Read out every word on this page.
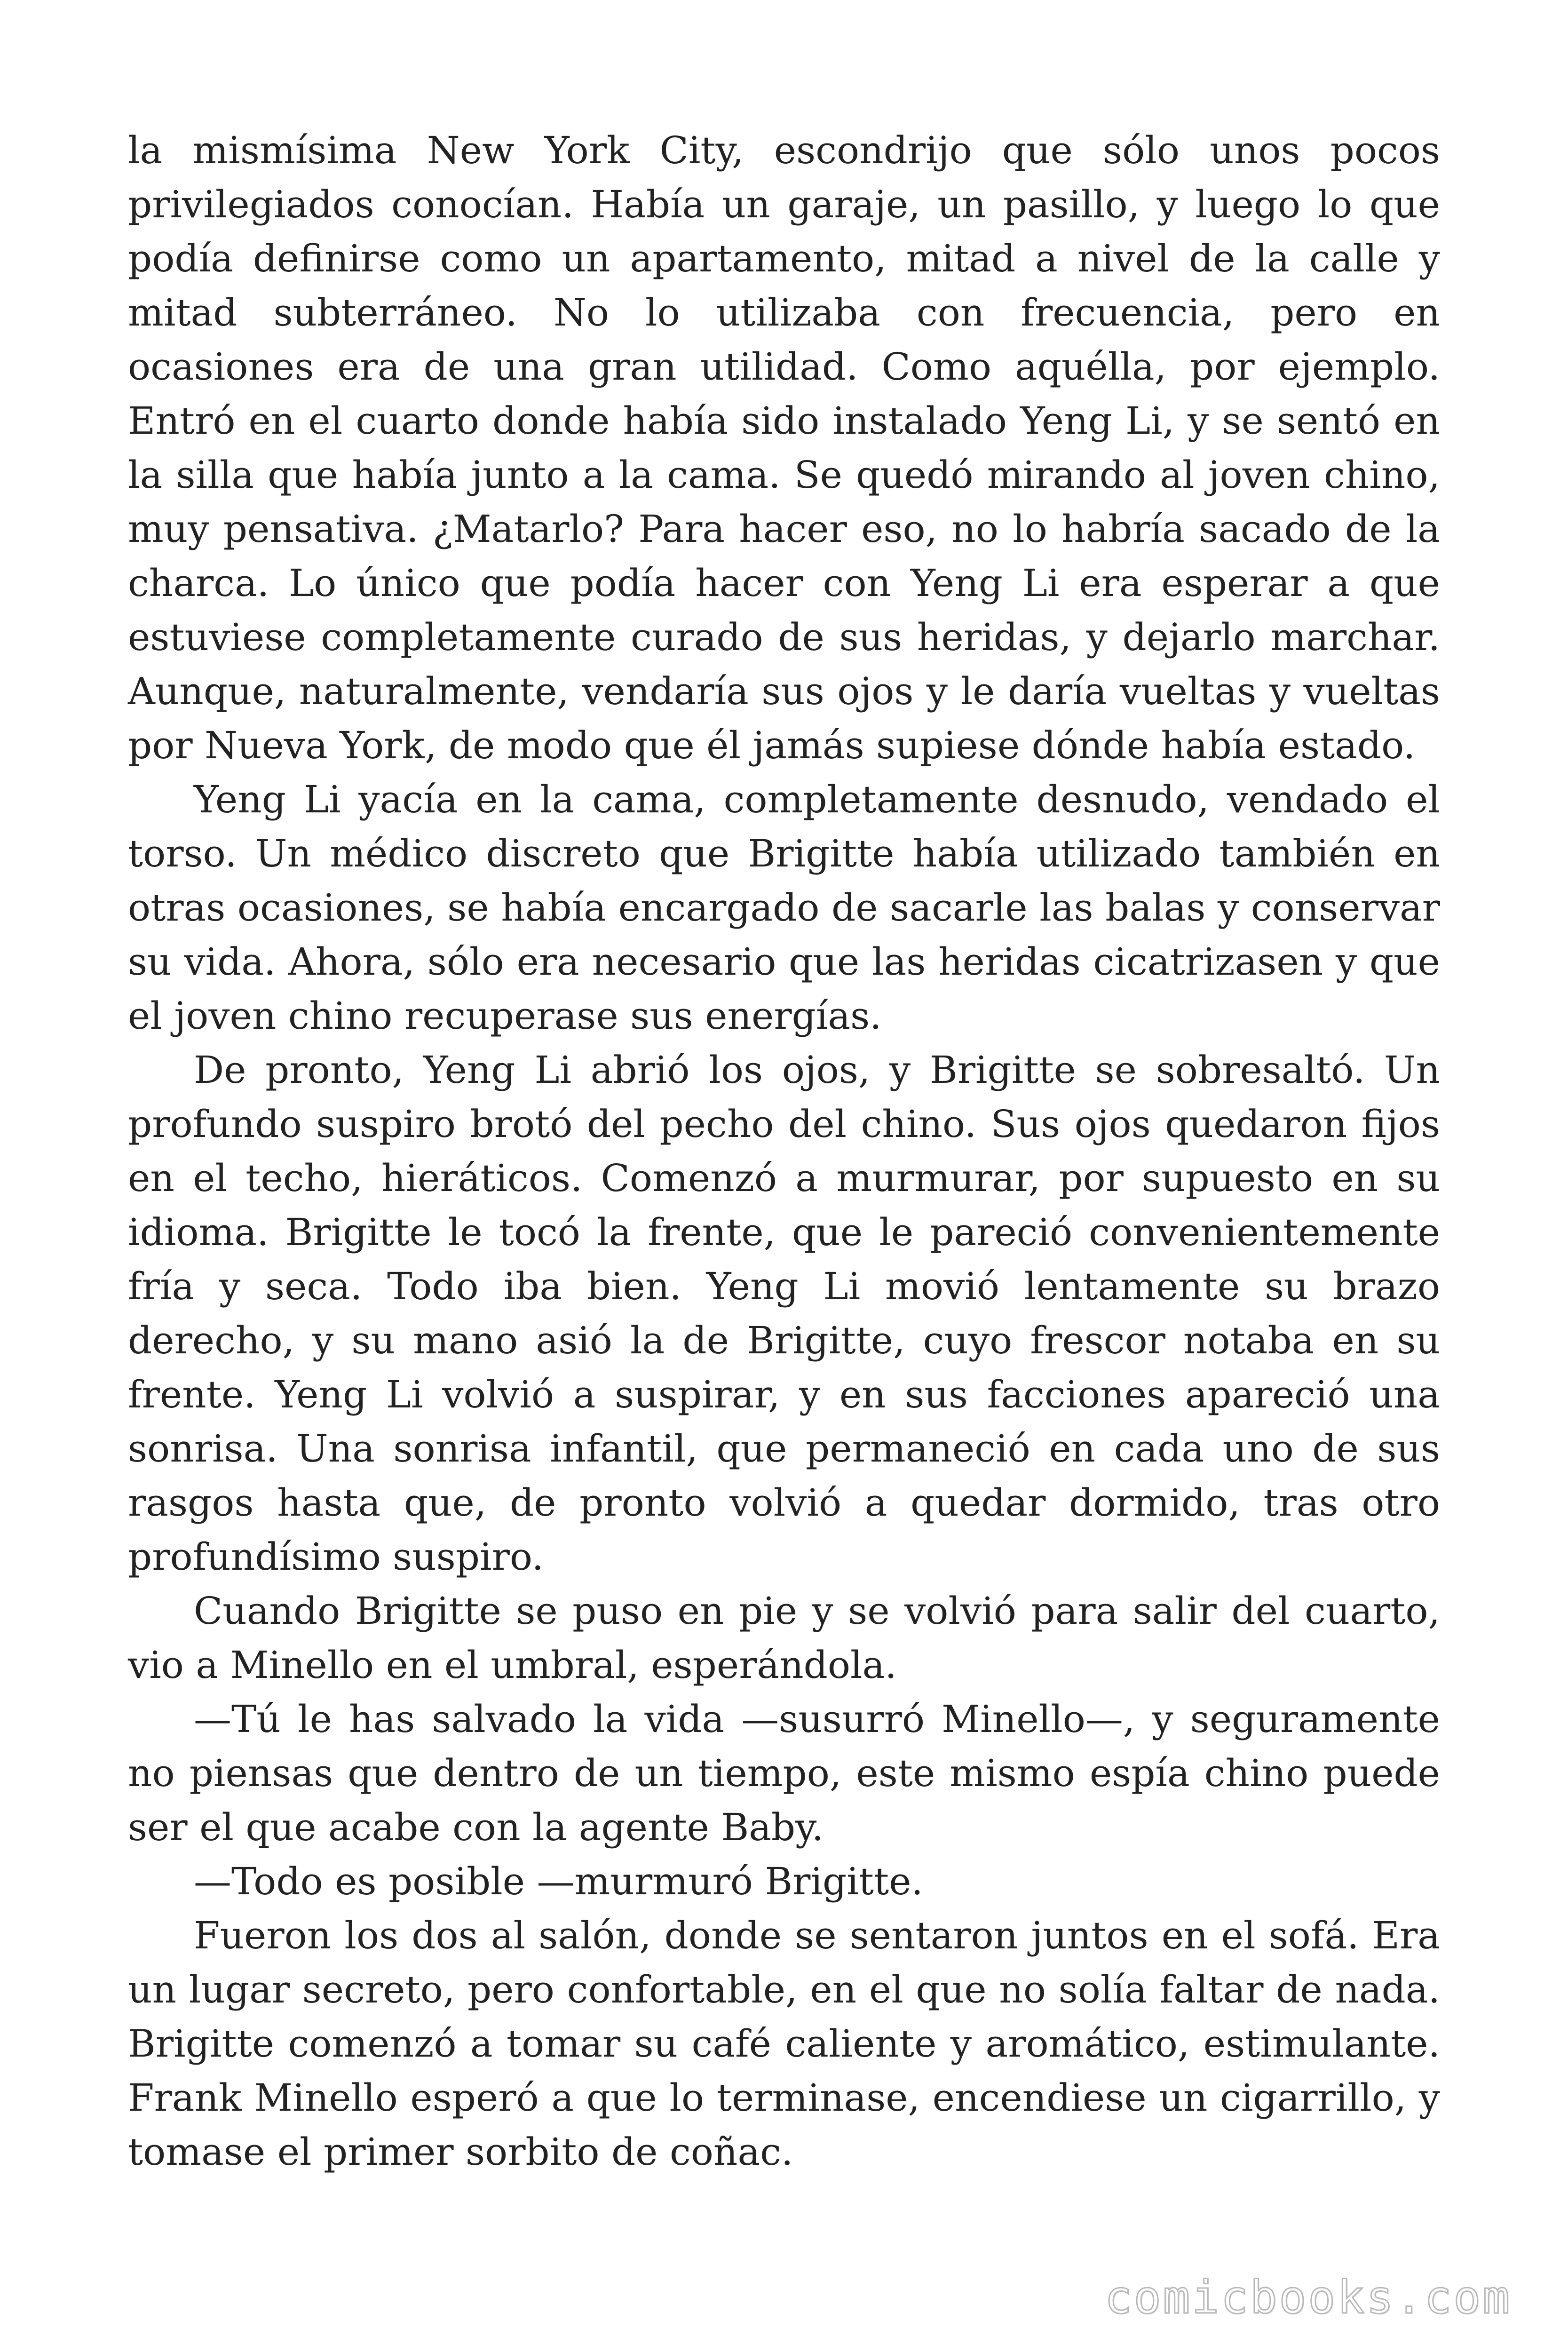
la mismísima New York City, escondrijo que sólo unos pocos privilegiados conocían. Había un garaje, un pasillo, y luego lo que podía definirse como un apartamento, mitad a nivel de la calle y mitad subterráneo. No lo utilizaba con frecuencia, pero en ocasiones era de una gran utilidad. Como aquélla, por ejemplo. Entró en el cuarto donde había sido instalado Yeng Li, y se sentó en la silla que había junto a la cama. Se quedó mirando al joven chino, muy pensativa. ¿Matarlo? Para hacer eso, no lo habría sacado de la charca. Lo único que podía hacer con Yeng Li era esperar a que estuviese completamente curado de sus heridas, y dejarlo marchar. Aunque, naturalmente, vendaría sus ojos y le daría vueltas y vueltas por Nueva York, de modo que él jamás supiese dónde había estado.

Yeng Li yacía en la cama, completamente desnudo, vendado el torso. Un médico discreto que Brigitte había utilizado también en otras ocasiones, se había encargado de sacarle las balas y conservar su vida. Ahora, sólo era necesario que las heridas cicatrizasen y que el joven chino recuperase sus energías.

De pronto, Yeng Li abrió los ojos, y Brigitte se sobresaltó. Un profundo suspiro brotó del pecho del chino. Sus ojos quedaron fijos en el techo, hieráticos. Comenzó a murmurar, por supuesto en su idioma. Brigitte le tocó la frente, que le pareció convenientemente fría y seca. Todo iba bien. Yeng Li movió lentamente su brazo derecho, y su mano asió la de Brigitte, cuyo frescor notaba en su frente. Yeng Li volvió a suspirar, y en sus facciones apareció una sonrisa. Una sonrisa infantil, que permaneció en cada uno de sus rasgos hasta que, de pronto volvió a quedar dormido, tras otro profundísimo suspiro.

Cuando Brigitte se puso en pie y se volvió para salir del cuarto, vio a Minello en el umbral, esperándola.

—Tú le has salvado la vida —susurró Minello—, y seguramente no piensas que dentro de un tiempo, este mismo espía chino puede ser el que acabe con la agente Baby.

—Todo es posible —murmuró Brigitte.

Fueron los dos al salón, donde se sentaron juntos en el sofá. Era un lugar secreto, pero confortable, en el que no solía faltar de nada. Brigitte comenzó a tomar su café caliente y aromático, estimulante. Frank Minello esperó a que lo terminase, encendiese un cigarrillo, y tomase el primer sorbito de coñac.

comicbooks.com
